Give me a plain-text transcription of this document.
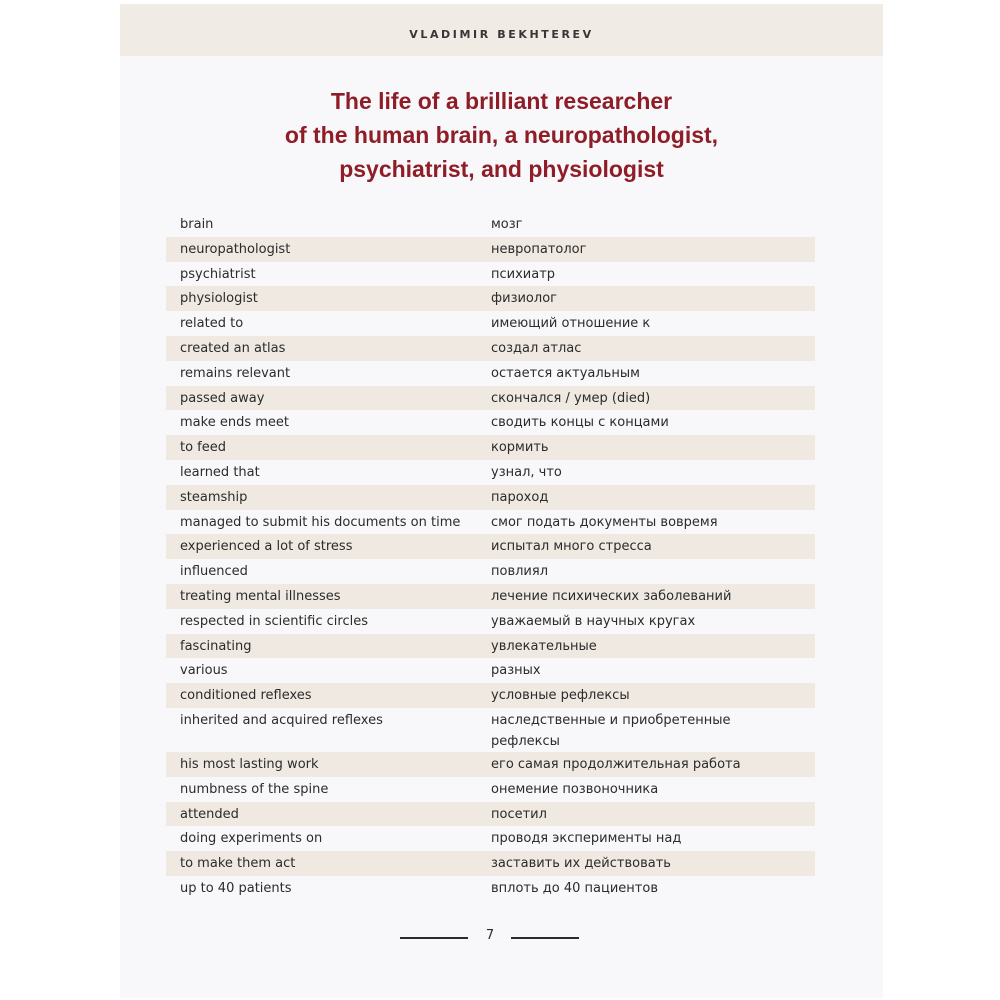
VLADIMIR BEKHTEREV
The life of a brilliant researcher
of the human brain, a neuropathologist,
psychiatrist, and physiologist
brain	мозг
neuropathologist	невропатолог
psychiatrist	психиатр
physiologist	физиолог
related to	имеющий отношение к
created an atlas	создал атлас
remains relevant	остается актуальным
passed away	скончался / умер (died)
make ends meet	сводить концы с концами
to feed	кормить
learned that	узнал, что
steamship	пароход
managed to submit his documents on time	смог подать документы вовремя
experienced a lot of stress	испытал много стресса
influenced	повлиял
treating mental illnesses	лечение психических заболеваний
respected in scientific circles	уважаемый в научных кругах
fascinating	увлекательные
various	разных
conditioned reflexes	условные рефлексы
inherited and acquired reflexes	наследственные и приобретенные рефлексы
his most lasting work	его самая продолжительная работа
numbness of the spine	онемение позвоночника
attended	посетил
doing experiments on	проводя эксперименты над
to make them act	заставить их действовать
up to 40 patients	вплоть до 40 пациентов
7
